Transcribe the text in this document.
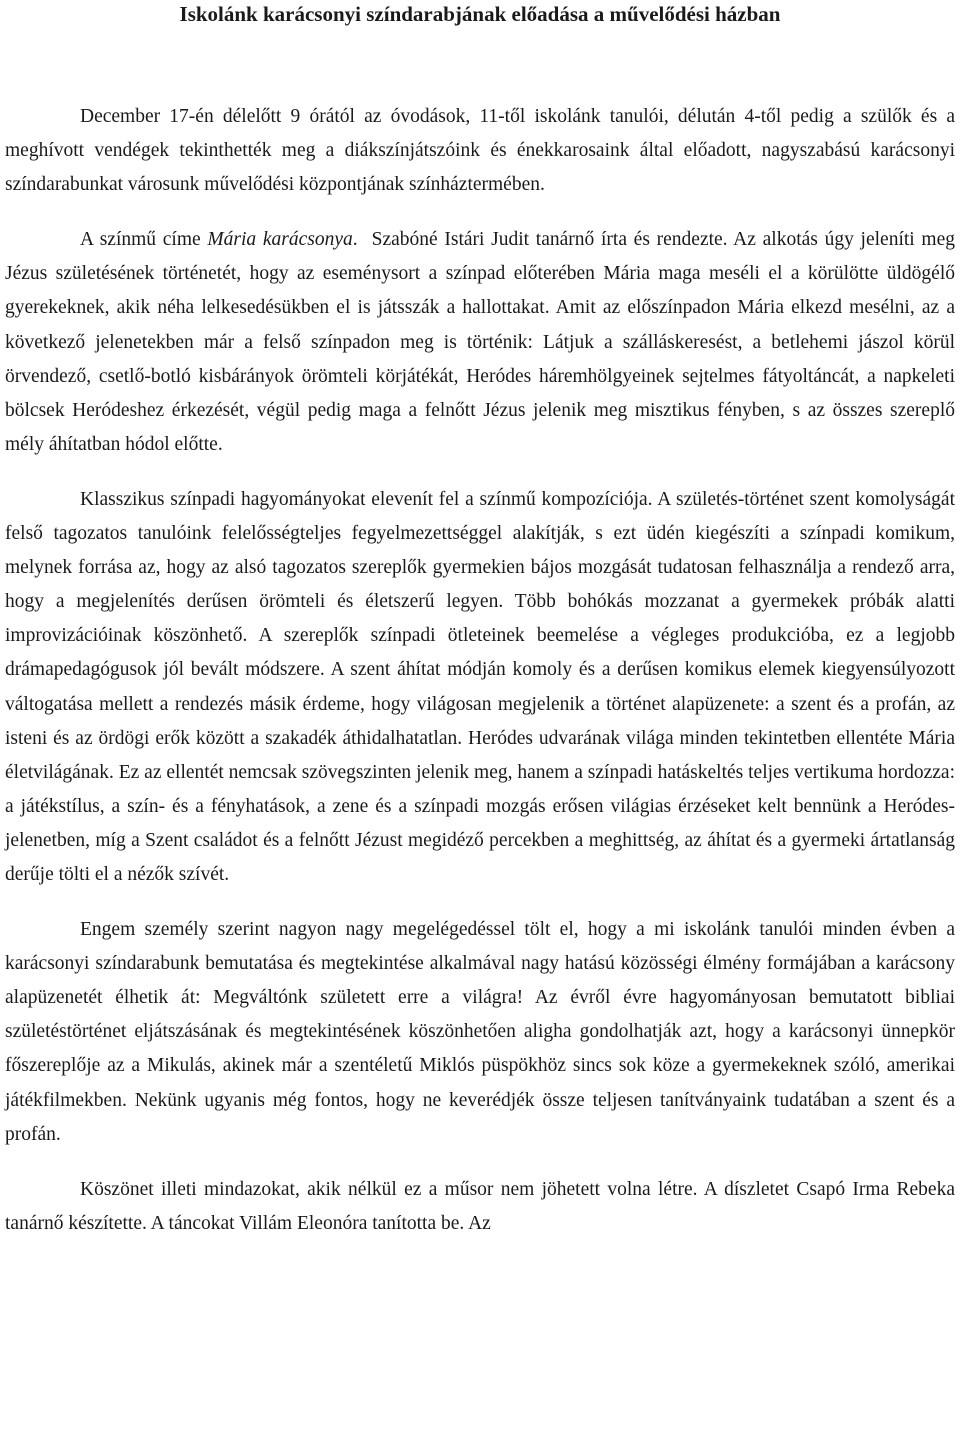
Iskolánk karácsonyi színdarabjának előadása a művelődési házban

December 17-én délelőtt 9 órától az óvodások, 11-től iskolánk tanulói, délután 4-től pedig a szülők és a meghívott vendégek tekinthették meg a diákszínjátszóink és énekkarosaink által előadott, nagyszabású karácsonyi színdarabunkat városunk művelődési központjának színháztermében.

A színmű címe Mária karácsonya. Szabóné Istári Judit tanárnő írta és rendezte. Az alkotás úgy jeleníti meg Jézus születésének történetét, hogy az eseménysort a színpad előterében Mária maga meséli el a körülötte üldögélő gyerekeknek, akik néha lelkesedésükben el is játsszák a hallottakat. Amit az előszínpadon Mária elkezd mesélni, az a következő jelenetekben már a felső színpadon meg is történik: Látjuk a szálláskeresést, a betlehemi jászol körül örvendező, csetlő-botló kisbárányok örömteli körjátékát, Heródes háremhölgyeinek sejtelmes fátyoltáncát, a napkeleti bölcsek Heródeshez érkezését, végül pedig maga a felnőtt Jézus jelenik meg misztikus fényben, s az összes szereplő mély áhítatban hódol előtte.

Klasszikus színpadi hagyományokat elevenít fel a színmű kompozíciója. A születés-történet szent komolyságát felső tagozatos tanulóink felelősségteljes fegyelmezettséggel alakítják, s ezt üdén kiegészíti a színpadi komikum, melynek forrása az, hogy az alsó tagozatos szereplők gyermekien bájos mozgását tudatosan felhasználja a rendező arra, hogy a megjelenítés derűsen örömteli és életszerű legyen. Több bohókás mozzanat a gyermekek próbák alatti improvizációinak köszönhető. A szereplők színpadi ötleteinek beemelése a végleges produkcióba, ez a legjobb drámapedagógusok jól bevált módszere. A szent áhítat módján komoly és a derűsen komikus elemek kiegyensúlyozott váltogatása mellett a rendezés másik érdeme, hogy világosan megjelenik a történet alapüzenete: a szent és a profán, az isteni és az ördögi erők között a szakadék áthidalhatatlan. Heródes udvarának világa minden tekintetben ellentéte Mária életvilágának. Ez az ellentét nemcsak szövegszinten jelenik meg, hanem a színpadi hatáskeltés teljes vertikuma hordozza: a játékstílus, a szín- és a fényhatások, a zene és a színpadi mozgás erősen világias érzéseket kelt bennünk a Heródes-jelenetben, míg a Szent családot és a felnőtt Jézust megidéző percekben a meghittség, az áhítat és a gyermeki ártatlanság derűje tölti el a nézők szívét.

Engem személy szerint nagyon nagy megelégedéssel tölt el, hogy a mi iskolánk tanulói minden évben a karácsonyi színdarabunk bemutatása és megtekintése alkalmával nagy hatású közösségi élmény formájában a karácsony alapüzenetét élhetik át: Megváltónk született erre a világra! Az évről évre hagyományosan bemutatott bibliai születéstörténet eljátszásának és megtekintésének köszönhetően aligha gondolhatják azt, hogy a karácsonyi ünnepkör főszereplője az a Mikulás, akinek már a szentéletű Miklós püspökhöz sincs sok köze a gyermekeknek szóló, amerikai játékfilmekben. Nekünk ugyanis még fontos, hogy ne keverédjék össze teljesen tanítványaink tudatában a szent és a profán.

Köszönet illeti mindazokat, akik nélkül ez a műsor nem jöhetett volna létre. A díszletet Csapó Irma Rebeka tanárnő készítette. A táncokat Villám Eleonóra tanította be. Az
